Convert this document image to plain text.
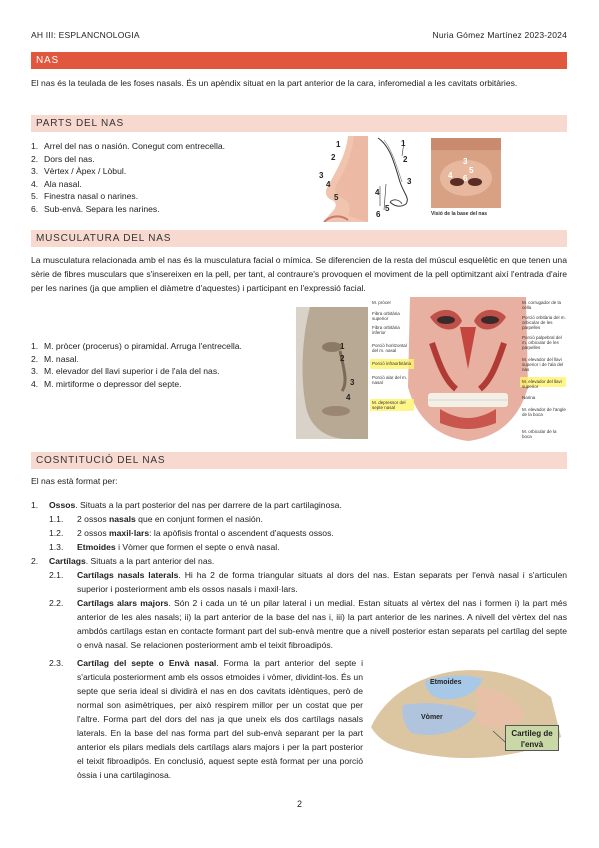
AH III: ESPLANCNOLOGIA	Nuria Gómez Martínez 2023-2024
NAS
El nas és la teulada de les foses nasals. És un apèndix situat en la part anterior de la cara, inferomedial a les cavitats orbitàries.
PARTS DEL NAS
1. Arrel del nas o nasión. Conegut com entrecella.
2. Dors del nas.
3. Vèrtex / Àpex / Lòbul.
4. Ala nasal.
5. Finestra nasal o narines.
6. Sub-envà. Separa les narines.
1
2
3
4
5
1
2
3
4
5
6
3
4
5
6
Visió de la base del nas
MUSCULATURA DEL NAS
La musculatura relacionada amb el nas és la musculatura facial o mímica. Se diferencien de la resta del múscul esquelètic en que tenen una sèrie de fibres musculars que s'insereixen en la pell, per tant, al contraure's provoquen el moviment de la pell optimitzant així l'entrada d'aire per les narines (ja que amplien el diàmetre d'aquestes) i participant en l'expressió facial.
1. M. pròcer (procerus) o piramidal. Arruga l'entrecella.
2. M. nasal.
3. M. elevador del llavi superior i de l'ala del nas.
4. M. mirtiforme o depressor del septe.
1
2
3
4
M. pròcer
Fibra orbitària superior
Fibra orbitària inferior
Porció horitzontal del m. nasal
Porció infraorbitària
Porció alar del m. nasal
M. depressor del septe nasal
M. corrugador de la cella
Porció orbitària del m. orbicular de les parpelles
Porció palpebral del m. orbicular de les parpelles
M. elevador del llavi superior i de l'ala del nas
M. elevador del llavi superior
Narina
M. elevador de l'angle de la boca
M. orbicular de la boca
COSNTITUCIÓ DEL NAS
El nas està format per:
1. Ossos. Situats a la part posterior del nas per darrere de la part cartilaginosa.
1.1. 2 ossos nasals que en conjunt formen el nasión.
1.2. 2 ossos maxil·lars: la apòfisis frontal o ascendent d'aquests ossos.
1.3. Etmoides i Vòmer que formen el septe o envà nasal.
2. Cartílags. Situats a la part anterior del nas.
2.1. Cartílags nasals laterals. Hi ha 2 de forma triangular situats al dors del nas. Estan separats per l'envà nasal i s'articulen superior i posteriorment amb els ossos nasals i maxil·lars.
2.2. Cartílags alars majors. Són 2 i cada un té un pilar lateral i un medial. Estan situats al vèrtex del nas i formen i) la part més anterior de les ales nasals; ii) la part anterior de la base del nas i, iii) la part anterior de les narines. A nivell del vèrtex del nas ambdós cartílags estan en contacte formant part del sub-envà mentre que a nivell posterior estan separats pel cartílag del septe o envà nasal. Se relacionen posteriorment amb el teixit fibroadipós.
2.3. Cartílag del septe o Envà nasal. Forma la part anterior del septe i s'articula posteriorment amb els ossos etmoides i vòmer, dividint-los. És un septe que seria ideal si dividirà el nas en dos cavitats idèntiques, però de normal son asimètriques, per això respirem millor per un costat que per l'altre. Forma part del dors del nas ja que uneix els dos cartílags nasals laterals. En la base del nas forma part del sub-envà separant per la part anterior els pilars medials dels cartílags alars majors i per la part posterior el teixit fibroadipós. En conclusió, aquest septe està format per una porció òssia i una cartilaginosa.
Etmoides
Vòmer
Cartileg de l'envà
2
